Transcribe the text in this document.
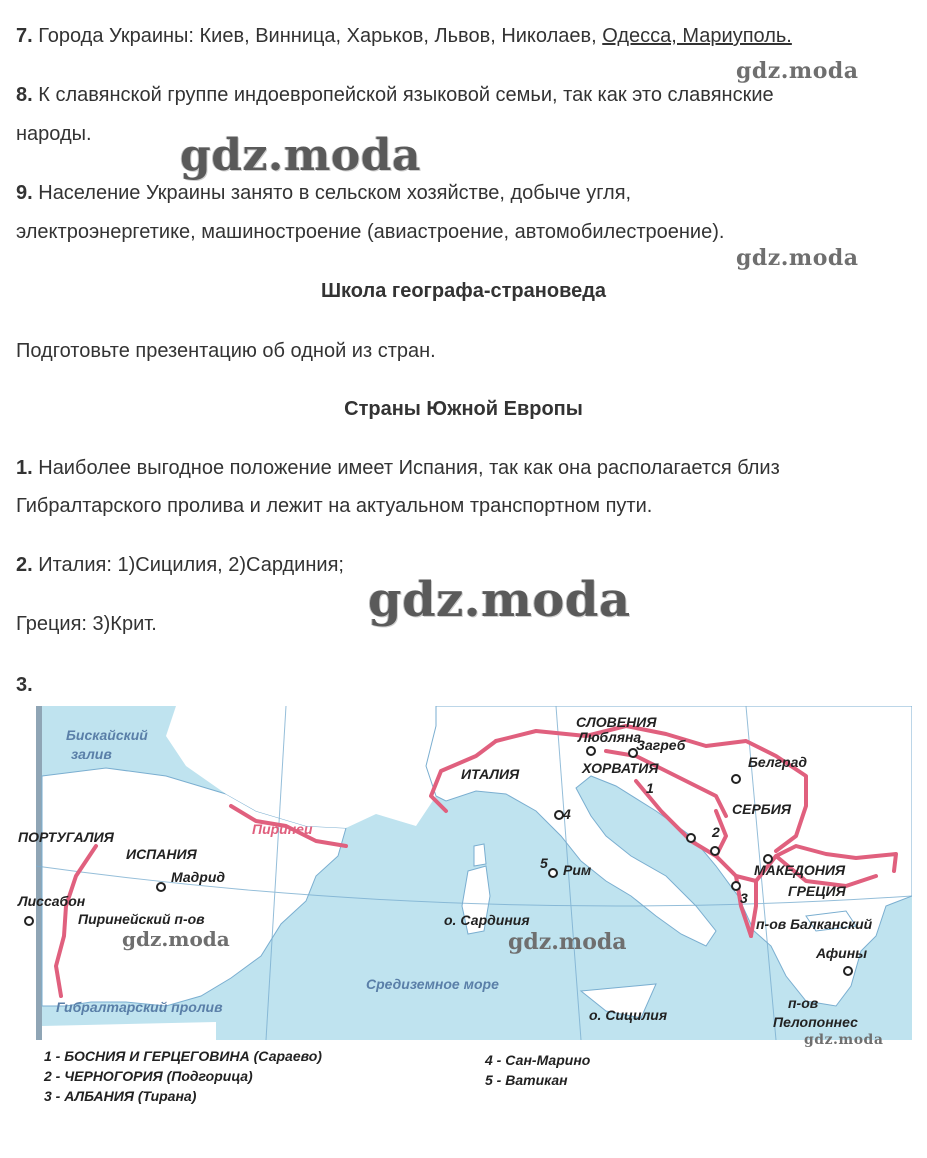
7. Города Украины: Киев, Винница, Харьков, Львов, Николаев, Одесса, Мариуполь.
gdz.moda
8. К славянской группе индоевропейской языковой семьи, так как это славянские
народы. gdz.moda
9. Население Украины занято в сельском хозяйстве, добыче угля,
электроэнергетике, машиностроение (авиастроение, автомобилестроение).
gdz.moda
Школа географа-страноведа
Подготовьте презентацию об одной из стран.
Страны Южной Европы
1. Наиболее выгодное положение имеет Испания, так как она располагается близ
Гибралтарского пролива и лежит на актуальном транспортном пути.
2. Италия: 1)Сицилия, 2)Сардиния;
gdz.moda
Греция: 3)Крит.
3.
Бискайский
залив
ПОРТУГАЛИЯ
ИСПАНИЯ
Мадрид
Лиссабон
Пиринейский п-ов
Пиринеи
Гибралтарский пролив
ИТАЛИЯ
СЛОВЕНИЯ
Любляна
Загреб
ХОРВАТИЯ	Белград
СЕРБИЯ
МАКЕДОНИЯ
ГРЕЦИЯ
п-ов Балканский
Афины
п-ов
Пелопоннес
Рим
о. Сардиния
о. Сицилия
Средиземное море
1
2
3
4
5
gdz.moda	gdz.moda
gdz.moda
1 - БОСНИЯ И ГЕРЦЕГОВИНА (Сараево)
2 - ЧЕРНОГОРИЯ (Подгорица)
3 - АЛБАНИЯ (Тирана)
4 - Сан-Марино
5 - Ватикан
